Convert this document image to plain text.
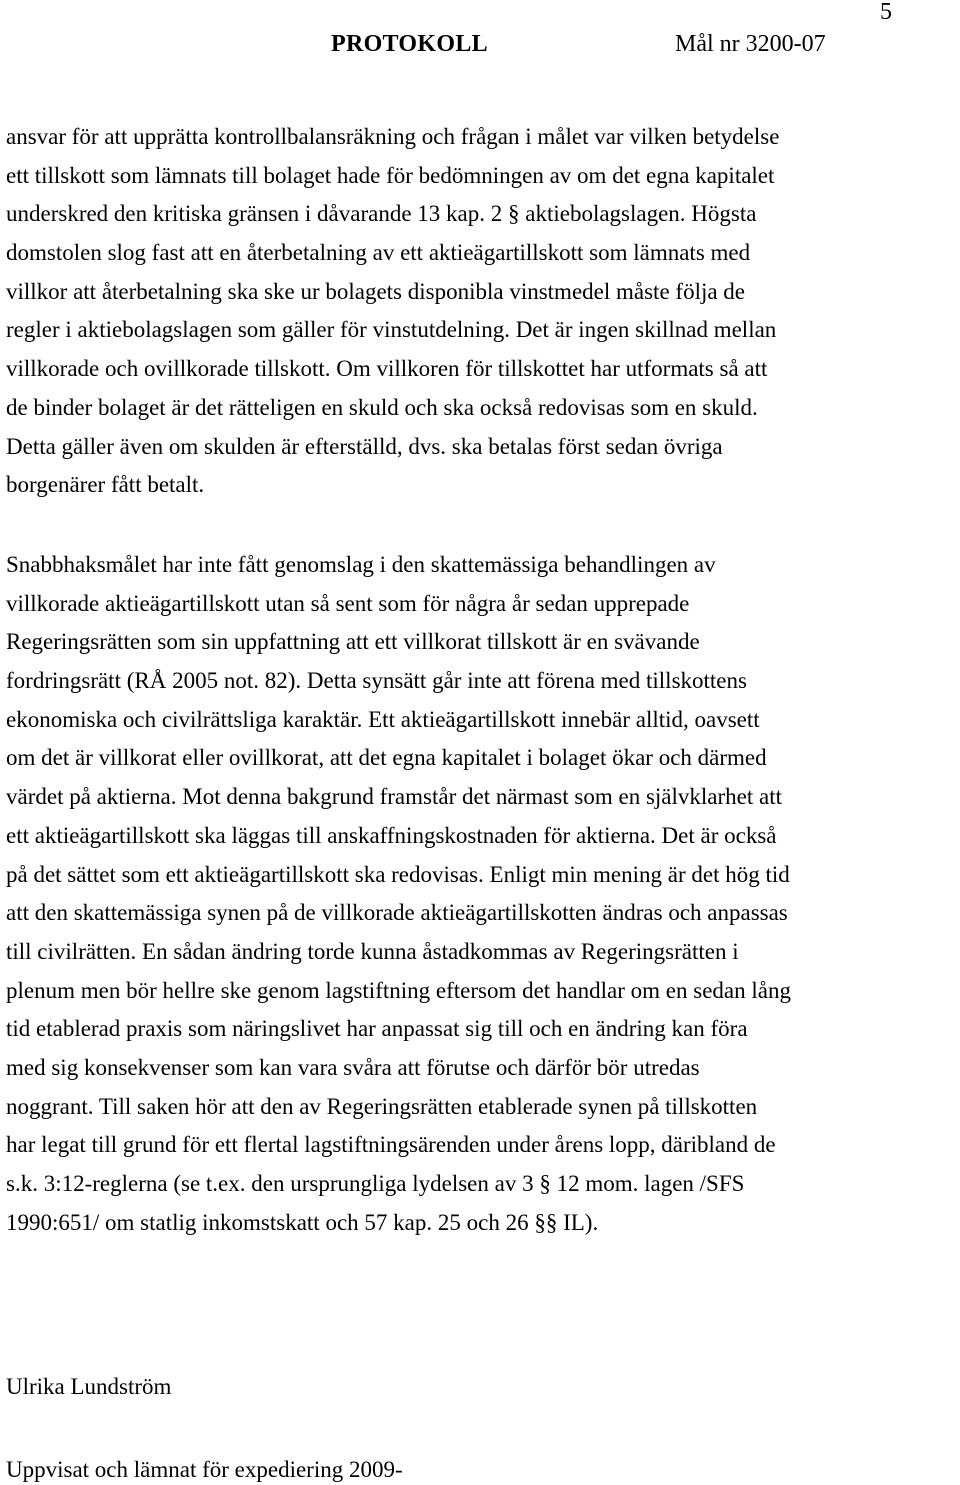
5
PROTOKOLL	Mål nr 3200-07
ansvar för att upprätta kontrollbalansräkning och frågan i målet var vilken betydelse
ett tillskott som lämnats till bolaget hade för bedömningen av om det egna kapitalet
underskred den kritiska gränsen i dåvarande 13 kap. 2 § aktiebolagslagen. Högsta
domstolen slog fast att en återbetalning av ett aktieägartillskott som lämnats med
villkor att återbetalning ska ske ur bolagets disponibla vinstmedel måste följa de
regler i aktiebolagslagen som gäller för vinstutdelning. Det är ingen skillnad mellan
villkorade och ovillkorade tillskott. Om villkoren för tillskottet har utformats så att
de binder bolaget är det rätteligen en skuld och ska också redovisas som en skuld.
Detta gäller även om skulden är efterställd, dvs. ska betalas först sedan övriga
borgenärer fått betalt.
Snabbhaksmålet har inte fått genomslag i den skattemässiga behandlingen av
villkorade aktieägartillskott utan så sent som för några år sedan upprepade
Regeringsrätten som sin uppfattning att ett villkorat tillskott är en svävande
fordringsrätt (RÅ 2005 not. 82). Detta synsätt går inte att förena med tillskottens
ekonomiska och civilrättsliga karaktär. Ett aktieägartillskott innebär alltid, oavsett
om det är villkorat eller ovillkorat, att det egna kapitalet i bolaget ökar och därmed
värdet på aktierna. Mot denna bakgrund framstår det närmast som en självklarhet att
ett aktieägartillskott ska läggas till anskaffningskostnaden för aktierna. Det är också
på det sättet som ett aktieägartillskott ska redovisas. Enligt min mening är det hög tid
att den skattemässiga synen på de villkorade aktieägartillskotten ändras och anpassas
till civilrätten. En sådan ändring torde kunna åstadkommas av Regeringsrätten i
plenum men bör hellre ske genom lagstiftning eftersom det handlar om en sedan lång
tid etablerad praxis som näringslivet har anpassat sig till och en ändring kan föra
med sig konsekvenser som kan vara svåra att förutse och därför bör utredas
noggrant. Till saken hör att den av Regeringsrätten etablerade synen på tillskotten
har legat till grund för ett flertal lagstiftningsärenden under årens lopp, däribland de
s.k. 3:12-reglerna (se t.ex. den ursprungliga lydelsen av 3 § 12 mom. lagen /SFS
1990:651/ om statlig inkomstskatt och 57 kap. 25 och 26 §§ IL).
Ulrika Lundström
Uppvisat och lämnat för expediering 2009-
